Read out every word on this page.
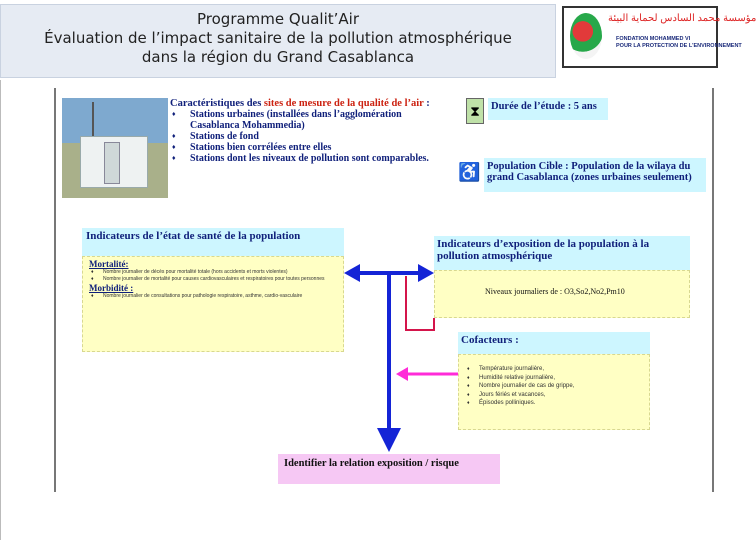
Programme Qualit’Air
Évaluation de l’impact sanitaire de la pollution atmosphérique
dans la région du Grand Casablanca
مؤسسة محمد السادس لحماية البيئة
FONDATION MOHAMMED VI
POUR LA PROTECTION DE L'ENVIRONNEMENT
Caractéristiques des sites de mesure de la qualité de l’air :
♦ Stations urbaines (installées dans l’agglomération Casablanca Mohammedia)
♦ Stations de fond
♦ Stations bien corrélées entre elles
♦ Stations dont les niveaux de pollution sont comparables.
⧗	Durée de l’étude : 5 ans
♿ Population Cible : Population de la wilaya du grand Casablanca (zones urbaines seulement)
Indicateurs de l’état de santé de la population
Mortalité:
♦ Nombre journalier de décès pour mortalité totale (hors accidents et morts violentes)
♦ Nombre journalier de mortalité pour causes cardiovasculaires et respiratoires pour toutes personnes
Morbidité :
♦ Nombre journalier de consultations pour pathologie respiratoire, asthme, cardio-vasculaire
Indicateurs d’exposition de la population à la pollution atmosphérique
Niveaux journaliers de : O3,So2,No2,Pm10
Cofacteurs :
♦ Température journalière,
♦ Humidité relative journalière,
♦ Nombre journalier de cas de grippe,
♦ Jours fériés et vacances,
♦ Épisodes polliniques.
Identifier la relation exposition / risque
